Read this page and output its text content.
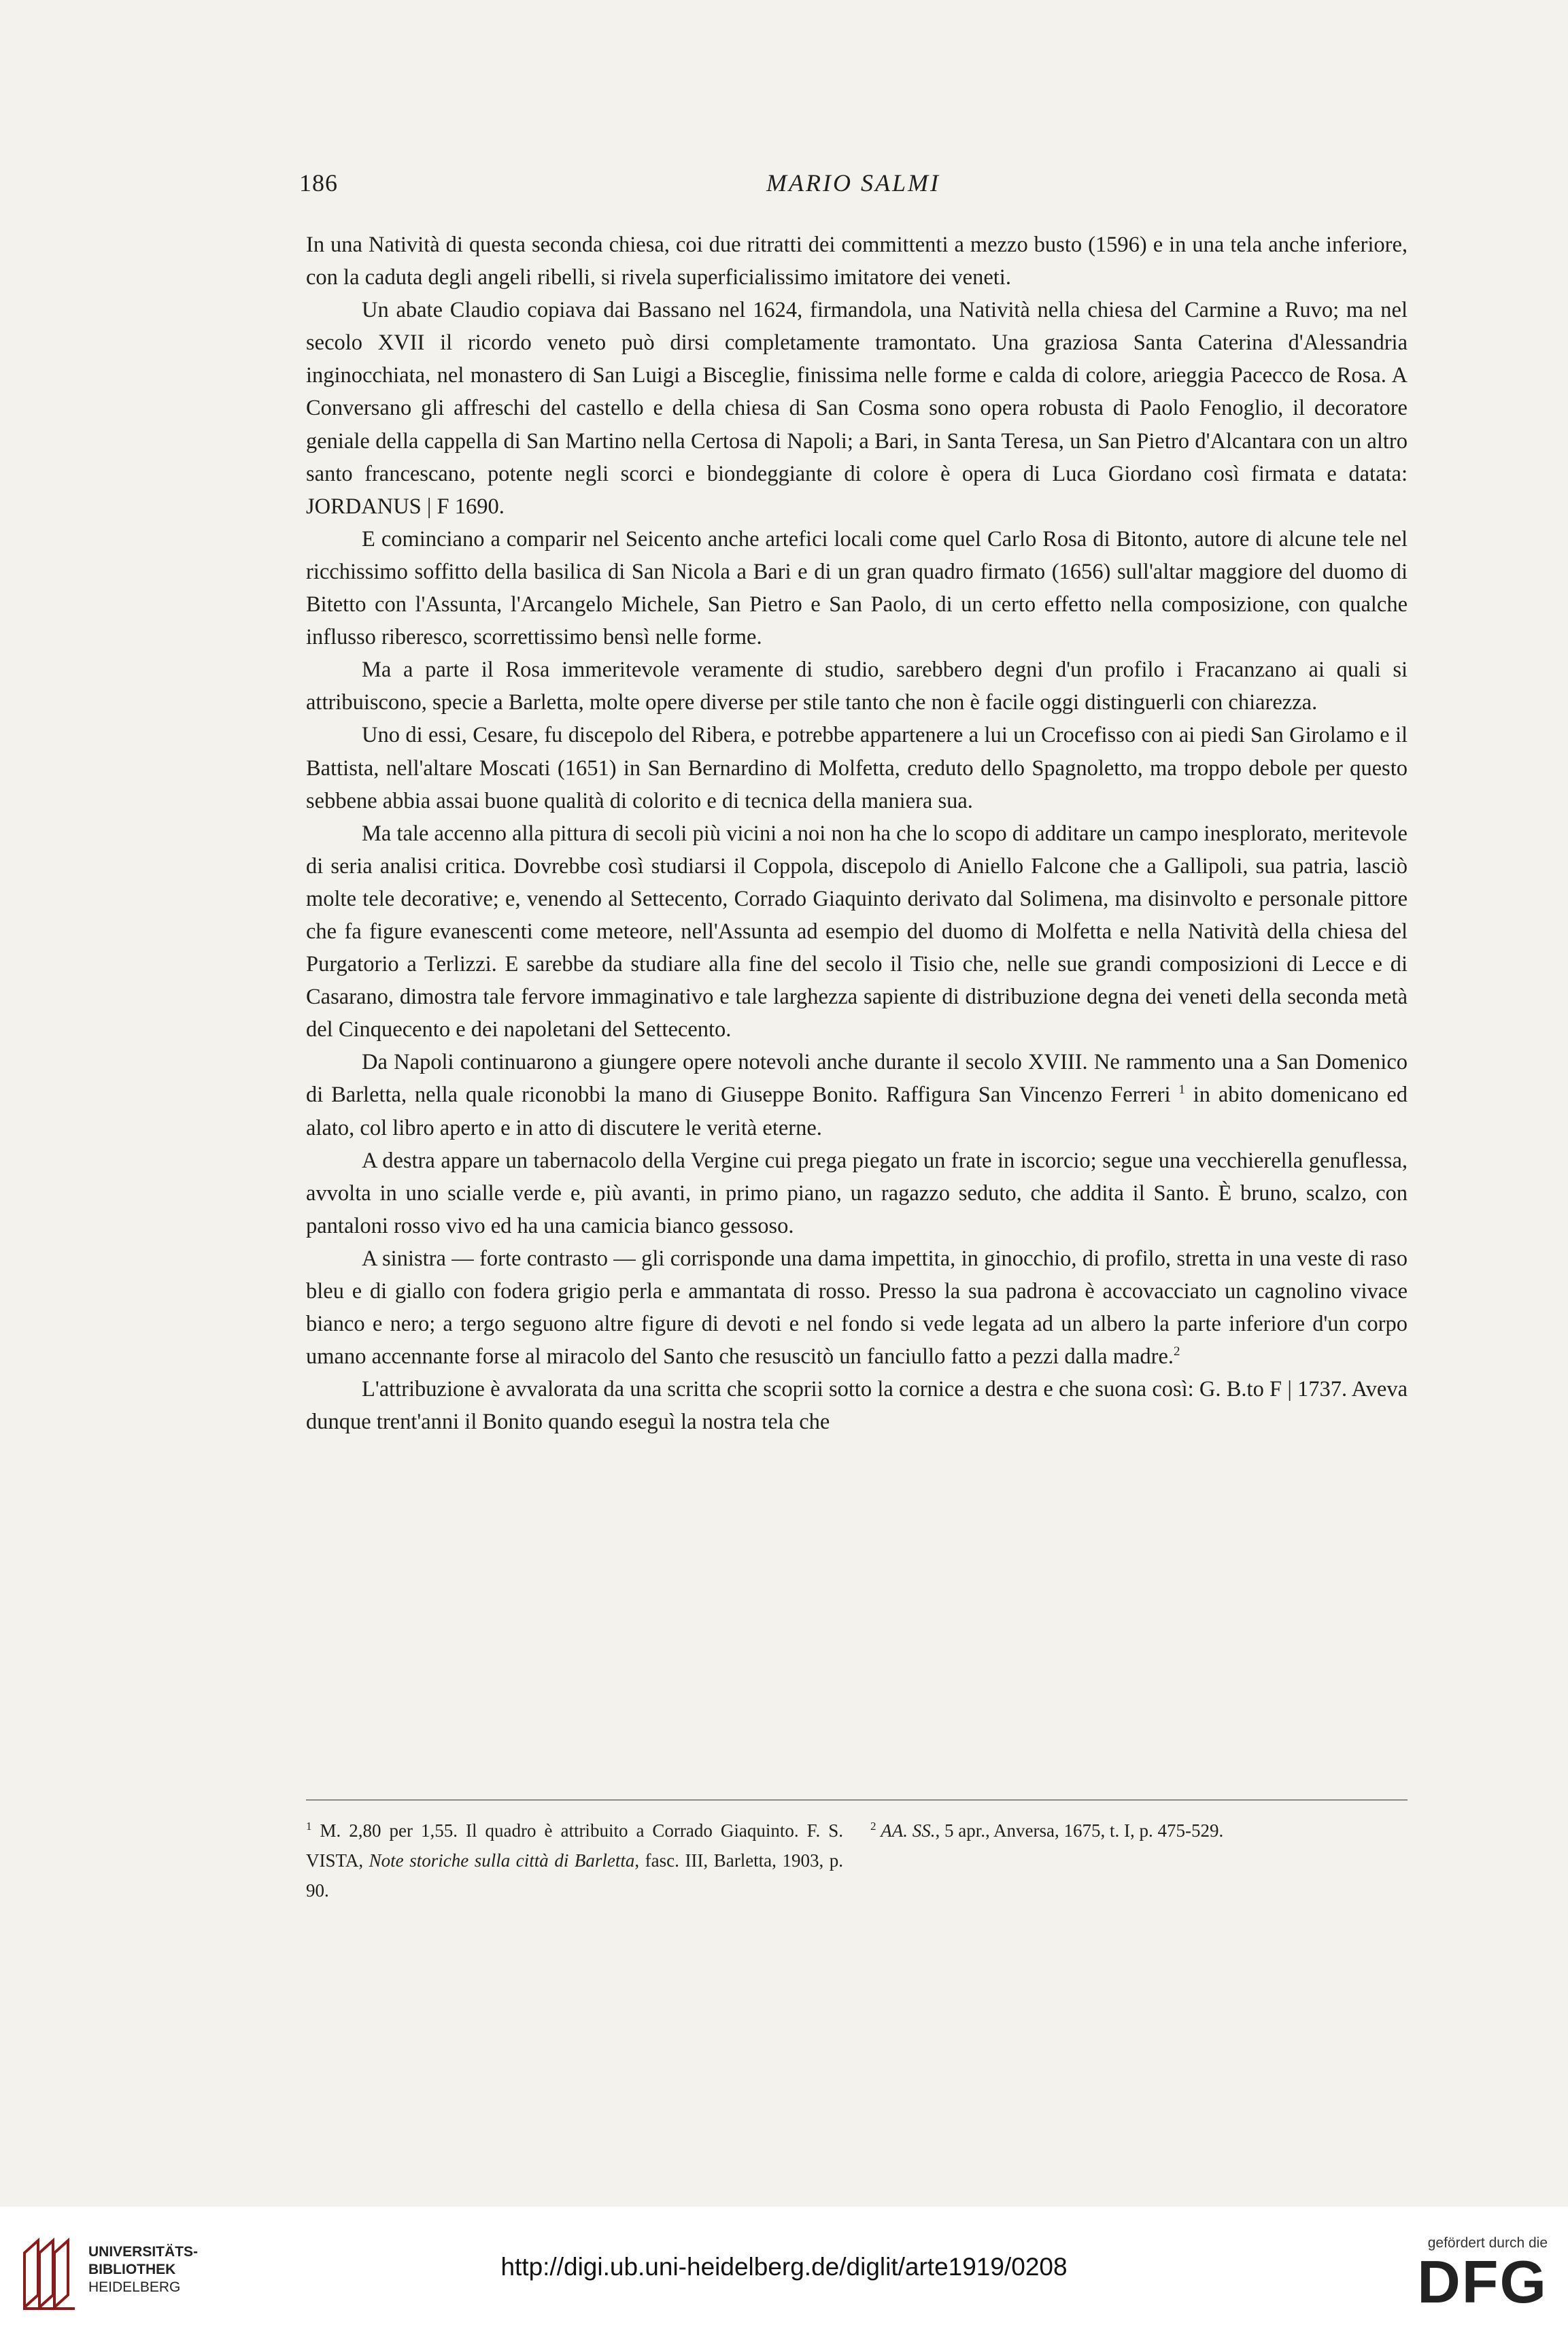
186	MARIO SALMI

In una Natività di questa seconda chiesa, coi due ritratti dei committenti a mezzo busto (1596) e in una tela anche inferiore, con la caduta degli angeli ribelli, si rivela superficialissimo imitatore dei veneti.

Un abate Claudio copiava dai Bassano nel 1624, firmandola, una Natività nella chiesa del Carmine a Ruvo; ma nel secolo XVII il ricordo veneto può dirsi completamente tramontato. Una graziosa Santa Caterina d'Alessandria inginocchiata, nel monastero di San Luigi a Bisceglie, finissima nelle forme e calda di colore, arieggia Pacecco de Rosa. A Conversano gli affreschi del castello e della chiesa di San Cosma sono opera robusta di Paolo Fenoglio, il decoratore geniale della cappella di San Martino nella Certosa di Napoli; a Bari, in Santa Teresa, un San Pietro d'Alcantara con un altro santo francescano, potente negli scorci e biondeggiante di colore è opera di Luca Giordano così firmata e datata: JORDANUS | F 1690.

E cominciano a comparir nel Seicento anche artefici locali come quel Carlo Rosa di Bitonto, autore di alcune tele nel ricchissimo soffitto della basilica di San Nicola a Bari e di un gran quadro firmato (1656) sull'altar maggiore del duomo di Bitetto con l'Assunta, l'Arcangelo Michele, San Pietro e San Paolo, di un certo effetto nella composizione, con qualche influsso riberesco, scorrettissimo bensì nelle forme.

Ma a parte il Rosa immeritevole veramente di studio, sarebbero degni d'un profilo i Fracanzano ai quali si attribuiscono, specie a Barletta, molte opere diverse per stile tanto che non è facile oggi distinguerli con chiarezza.

Uno di essi, Cesare, fu discepolo del Ribera, e potrebbe appartenere a lui un Crocefisso con ai piedi San Girolamo e il Battista, nell'altare Moscati (1651) in San Bernardino di Molfetta, creduto dello Spagnoletto, ma troppo debole per questo sebbene abbia assai buone qualità di colorito e di tecnica della maniera sua.

Ma tale accenno alla pittura di secoli più vicini a noi non ha che lo scopo di additare un campo inesplorato, meritevole di seria analisi critica. Dovrebbe così studiarsi il Coppola, discepolo di Aniello Falcone che a Gallipoli, sua patria, lasciò molte tele decorative; e, venendo al Settecento, Corrado Giaquinto derivato dal Solimena, ma disinvolto e personale pittore che fa figure evanescenti come meteore, nell'Assunta ad esempio del duomo di Molfetta e nella Natività della chiesa del Purgatorio a Terlizzi. E sarebbe da studiare alla fine del secolo il Tisio che, nelle sue grandi composizioni di Lecce e di Casarano, dimostra tale fervore immaginativo e tale larghezza sapiente di distribuzione degna dei veneti della seconda metà del Cinquecento e dei napoletani del Settecento.

Da Napoli continuarono a giungere opere notevoli anche durante il secolo XVIII. Ne rammento una a San Domenico di Barletta, nella quale riconobbi la mano di Giuseppe Bonito. Raffigura San Vincenzo Ferreri $^1$ in abito domenicano ed alato, col libro aperto e in atto di discutere le verità eterne.

A destra appare un tabernacolo della Vergine cui prega piegato un frate in iscorcio; segue una vecchierella genuflessa, avvolta in uno scialle verde e, più avanti, in primo piano, un ragazzo seduto, che addita il Santo. È bruno, scalzo, con pantaloni rosso vivo ed ha una camicia bianco gessoso.

A sinistra — forte contrasto — gli corrisponde una dama impettita, in ginocchio, di profilo, stretta in una veste di raso bleu e di giallo con fodera grigio perla e ammantata di rosso. Presso la sua padrona è accovacciato un cagnolino vivace bianco e nero; a tergo seguono altre figure di devoti e nel fondo si vede legata ad un albero la parte inferiore d'un corpo umano accennante forse al miracolo del Santo che resuscitò un fanciullo fatto a pezzi dalla madre.$^2$

L'attribuzione è avvalorata da una scritta che scoprii sotto la cornice a destra e che suona così: G. B.to F | 1737. Aveva dunque trent'anni il Bonito quando eseguì la nostra tela che

$^1$ M. 2,80 per 1,55. Il quadro è attribuito a Corrado Giaquinto. F. S. VISTA, Note storiche sulla città di Barletta, fasc. III, Barletta, 1903, p. 90.

$^2$ AA. SS., 5 apr., Anversa, 1675, t. I, p. 475-529.

UNIVERSITÄTS-
BIBLIOTHEK
HEIDELBERG
http://digi.ub.uni-heidelberg.de/diglit/arte1919/0208
gefördert durch die
DFG
